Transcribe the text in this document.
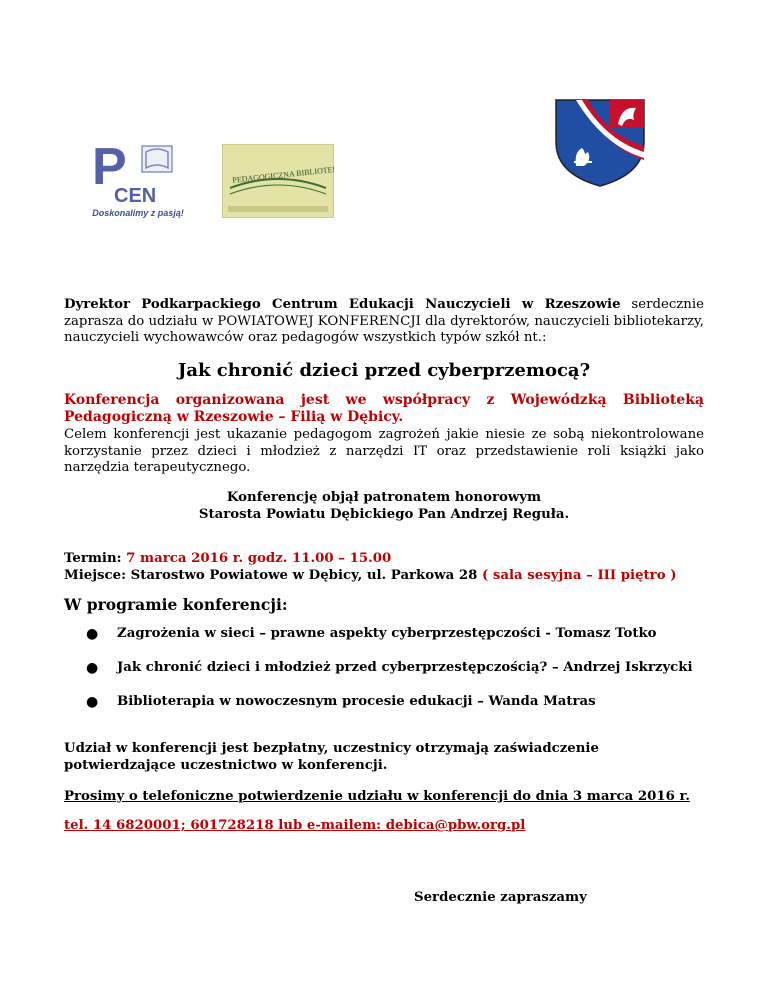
P
CEN
Doskonalimy z pasją!
PEDAGOGICZNA BIBLIOTEKA
Dyrektor Podkarpackiego Centrum Edukacji Nauczycieli w Rzeszowie serdecznie zaprasza do udziału w POWIATOWEJ KONFERENCJI dla dyrektorów, nauczycieli bibliotekarzy, nauczycieli wychowawców oraz pedagogów wszystkich typów szkół nt.:
Jak chronić dzieci przed cyberprzemocą?
Konferencja organizowana jest we współpracy z Wojewódzką Biblioteką Pedagogiczną w Rzeszowie – Filią w Dębicy.
Celem konferencji jest ukazanie pedagogom zagrożeń jakie niesie ze sobą niekontrolowane korzystanie przez dzieci i młodzież z narzędzi IT oraz przedstawienie roli książki jako narzędzia terapeutycznego.
Konferencję objął patronatem honorowym
Starosta Powiatu Dębickiego Pan Andrzej Reguła.
Termin: 7 marca 2016 r. godz. 11.00 – 15.00
Miejsce: Starostwo Powiatowe w Dębicy, ul. Parkowa 28 ( sala sesyjna – III piętro )
W programie konferencji:
● Zagrożenia w sieci – prawne aspekty cyberprzestępczości - Tomasz Totko
● Jak chronić dzieci i młodzież przed cyberprzestępczością? – Andrzej Iskrzycki
● Biblioterapia w nowoczesnym procesie edukacji – Wanda Matras
Udział w konferencji jest bezpłatny, uczestnicy otrzymają zaświadczenie potwierdzające uczestnictwo w konferencji.
Prosimy o telefoniczne potwierdzenie udziału w konferencji do dnia 3 marca 2016 r.
tel. 14 6820001; 601728218 lub e-mailem: debica@pbw.org.pl
Serdecznie zapraszamy
